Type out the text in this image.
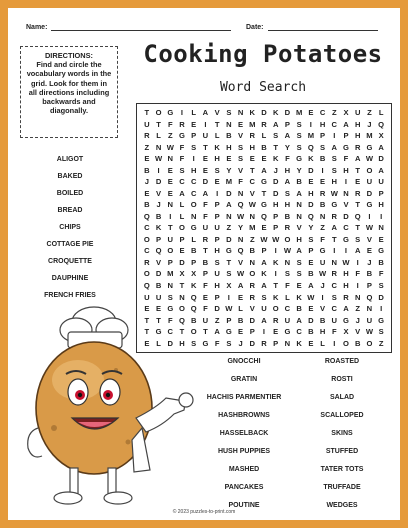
Name:	Date:
DIRECTIONS:
Find and circle the vocabulary words in the grid. Look for them in all directions including backwards and diagonally.
Cooking Potatoes
Word Search
T O G	I	L A V S N K D K D M E C Z X U Z L
U T F R E	I	T N E M R A P S	I	H C A H J Q
R L Z G P U L B V R L S A S M P	I	P H M X
Z N W F S T K H S H B T Y S Q S A G R G A
E W N F	I	E H E S E E K F G K B S F A W D
B	I	E S H E S Y V T A J H Y D	I	S H T O A
J D E C C D E M F C G D A B E E H	I	E U U
E V E A C A	I	D N V T D S A H R W N R D P
B J N L O F P A Q W G H H N D B G V T G H
Q B	I	L N F P N W N Q P B N Q N R D Q	I	I
C K T O G U U Z Y M E P R V Y Z A C T W N
O P U P L R P D N Z W W O H S F T G S V E
C Q O E B T H G Q B P	I W A P G	I	I	A E G
R V P D P B S T V N A K N S E U N W I	J B
O D M X X P U S W O K	I	S S B W R H F B F
Q B N T K F H X A R A T F E A J C H	I	P S
U U S N Q E P	I	E R S K L K W I	S R N Q D
E E G O Q F D W L V U O C B E V C A Z N	I
T T F Q B U Z P B D A R U A D B U G J U G
T G C T O T A G E P	I	E G C B H F X V W S
E L D H S G F S J D R P N K E L	I	O B O Z
ALIGOT
BAKED
BOILED
BREAD
CHIPS
COTTAGE PIE
CROQUETTE
DAUPHINE
FRENCH FRIES
GNOCCHI
GRATIN
HACHIS PARMENTIER
HASHBROWNS
HASSELBACK
HUSH PUPPIES
MASHED
PANCAKES
POUTINE
ROASTED
ROSTI
SALAD
SCALLOPED
SKINS
STUFFED
TATER TOTS
TRUFFADE
WEDGES
© 2023 puzzles-to-print.com
